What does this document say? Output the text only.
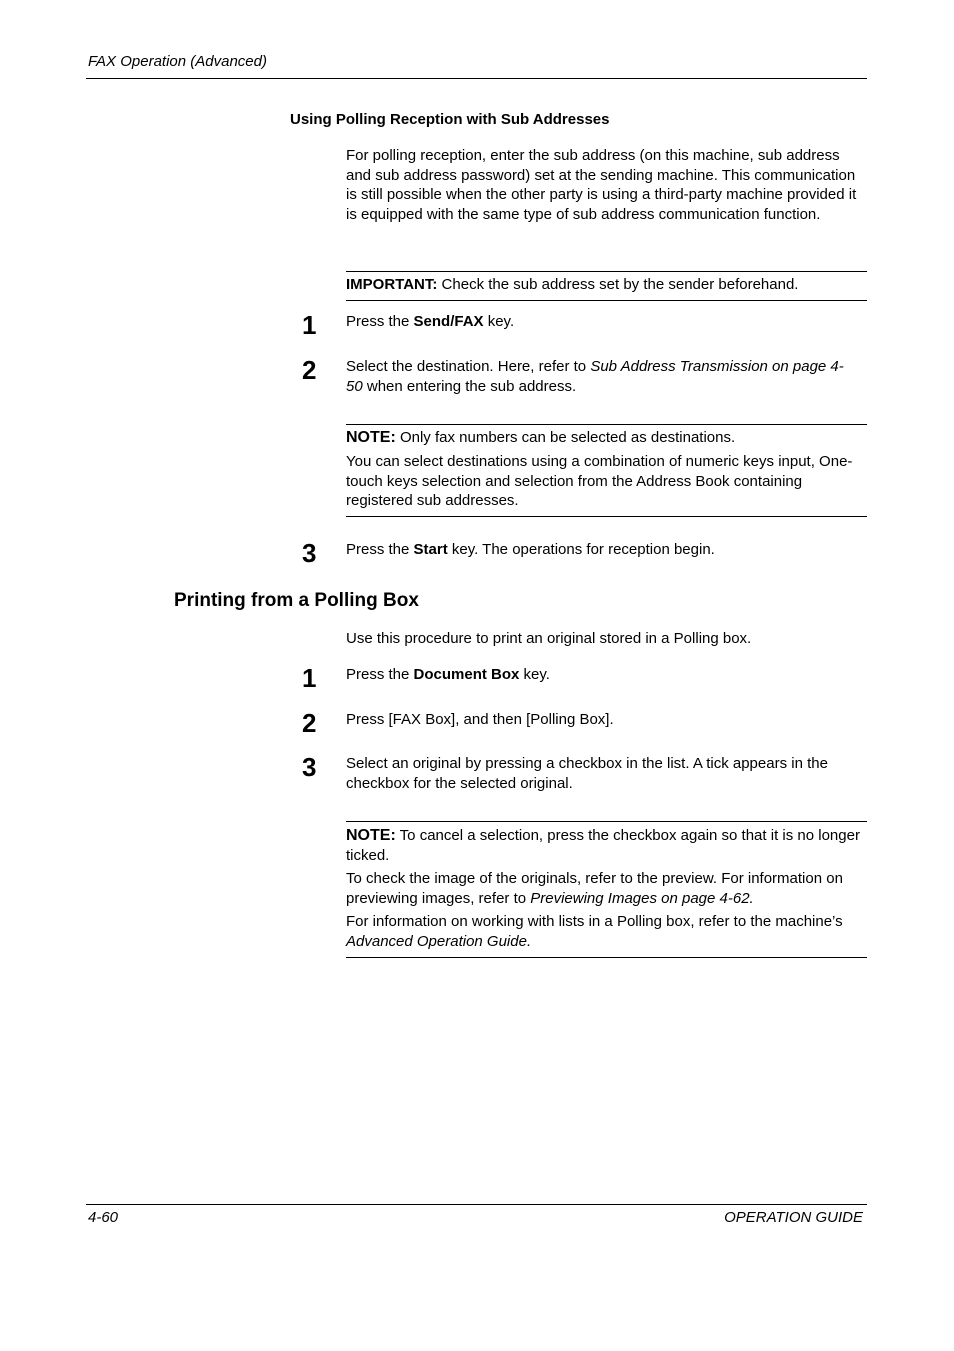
FAX Operation (Advanced)
Using Polling Reception with Sub Addresses
For polling reception, enter the sub address (on this machine, sub address and sub address password) set at the sending machine. This communication is still possible when the other party is using a third-party machine provided it is equipped with the same type of sub address communication function.
IMPORTANT: Check the sub address set by the sender beforehand.
1 Press the Send/FAX key.
2 Select the destination. Here, refer to Sub Address Transmission on page 4-50 when entering the sub address.
NOTE: Only fax numbers can be selected as destinations.
You can select destinations using a combination of numeric keys input, One-touch keys selection and selection from the Address Book containing registered sub addresses.
3 Press the Start key. The operations for reception begin.
Printing from a Polling Box
Use this procedure to print an original stored in a Polling box.
1 Press the Document Box key.
2 Press [FAX Box], and then [Polling Box].
3 Select an original by pressing a checkbox in the list. A tick appears in the checkbox for the selected original.
NOTE: To cancel a selection, press the checkbox again so that it is no longer ticked.
To check the image of the originals, refer to the preview. For information on previewing images, refer to Previewing Images on page 4-62.
For information on working with lists in a Polling box, refer to the machine’s Advanced Operation Guide.
4-60	OPERATION GUIDE
